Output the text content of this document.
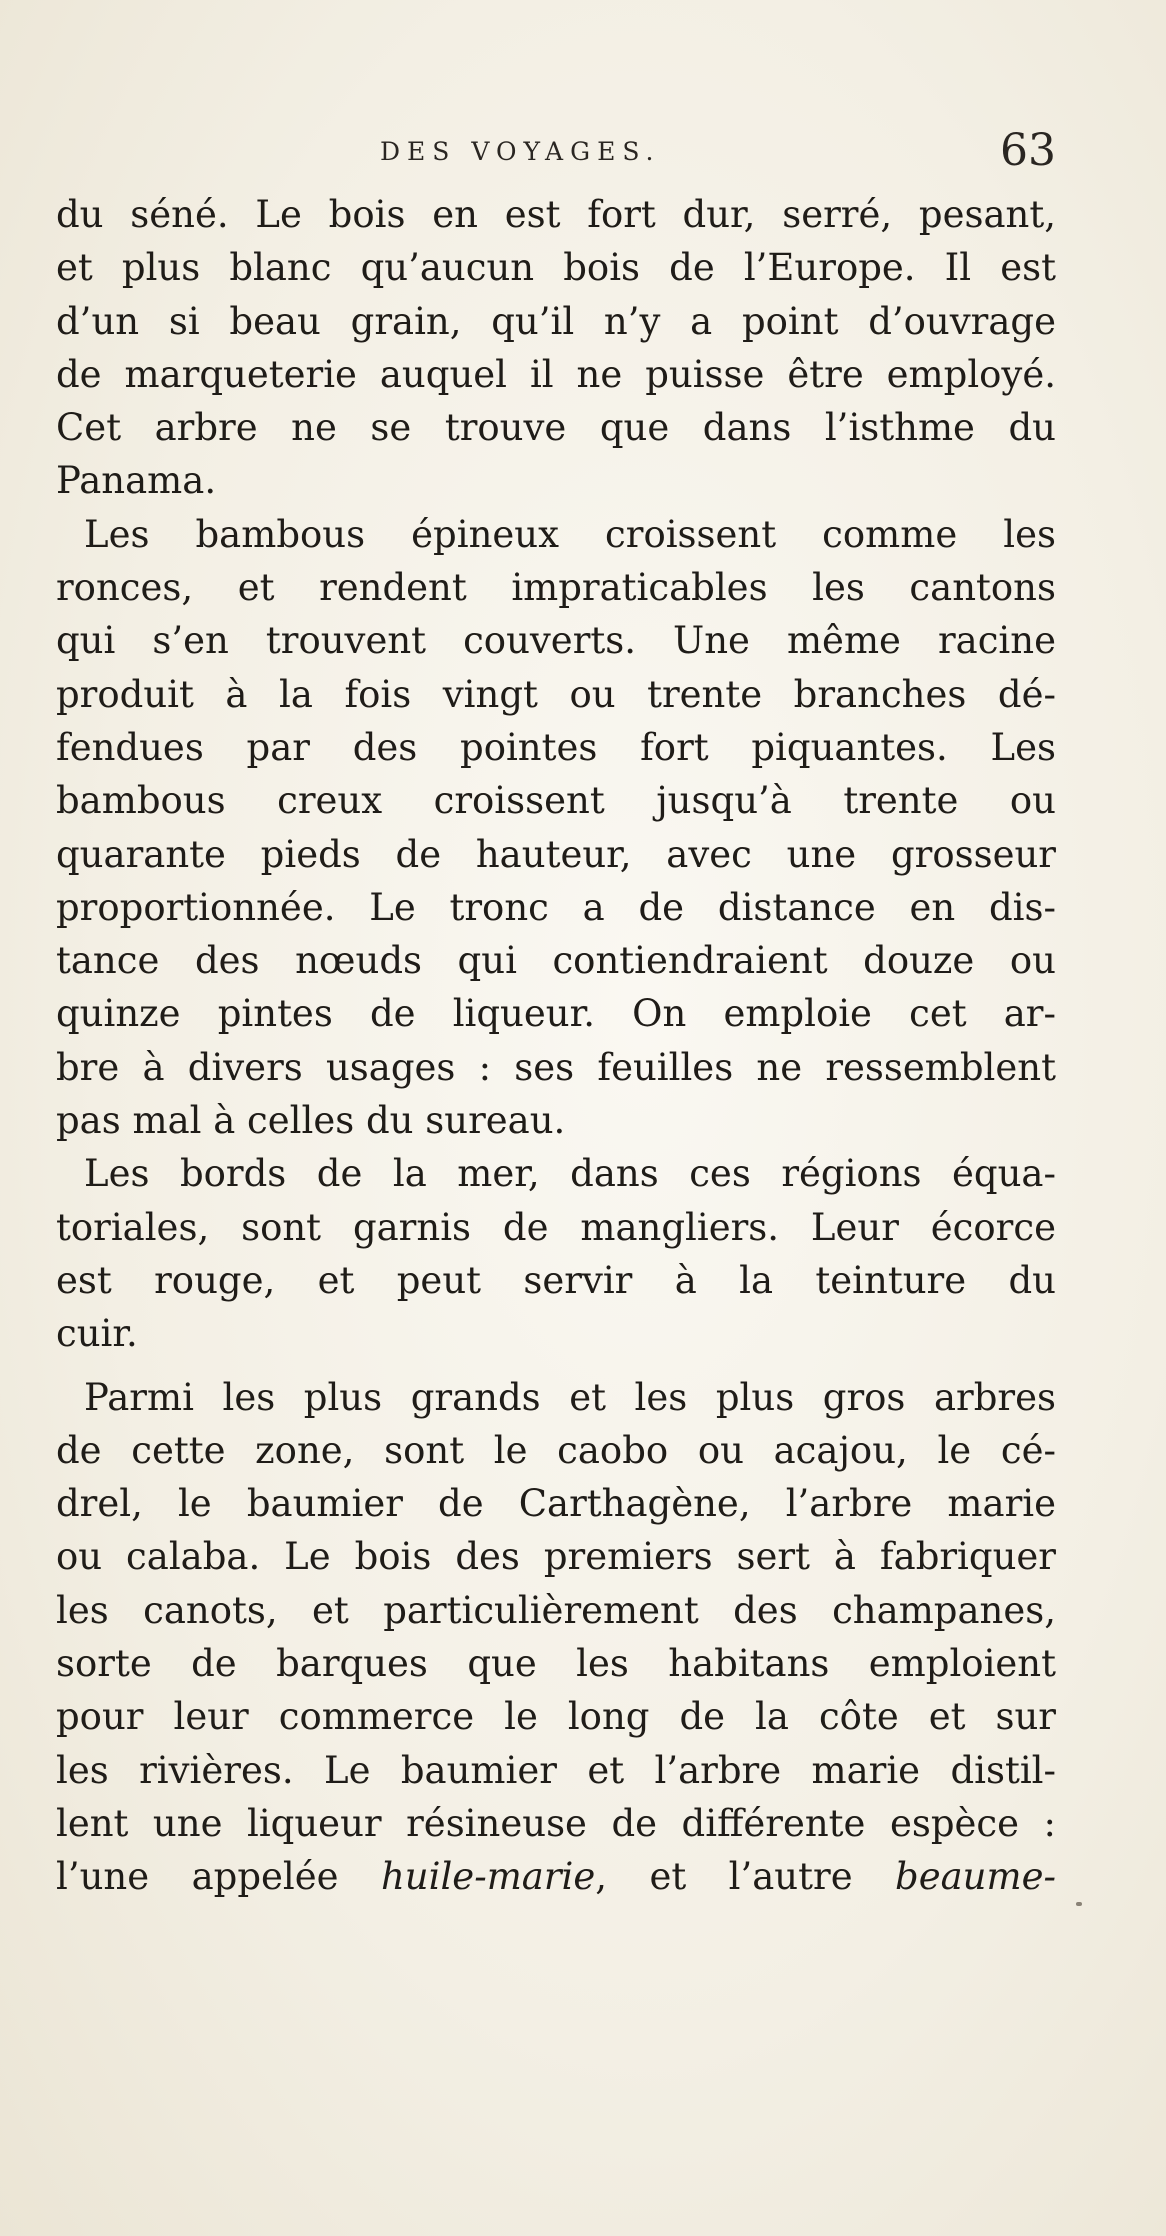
DES VOYAGES.	63

du séné. Le bois en est fort dur, serré, pesant,
et plus blanc qu’aucun bois de l’Europe. Il est
d’un si beau grain, qu’il n’y a point d’ouvrage
de marqueterie auquel il ne puisse être employé.
Cet arbre ne se trouve que dans l’isthme du
Panama.

Les bambous épineux croissent comme les
ronces, et rendent impraticables les cantons
qui s’en trouvent couverts. Une même racine
produit à la fois vingt ou trente branches dé-
fendues par des pointes fort piquantes. Les
bambous creux croissent jusqu’à trente ou
quarante pieds de hauteur, avec une grosseur
proportionnée. Le tronc a de distance en dis-
tance des nœuds qui contiendraient douze ou
quinze pintes de liqueur. On emploie cet ar-
bre à divers usages : ses feuilles ne ressemblent
pas mal à celles du sureau.

Les bords de la mer, dans ces régions équa-
toriales, sont garnis de mangliers. Leur écorce
est rouge, et peut servir à la teinture du
cuir.

Parmi les plus grands et les plus gros arbres
de cette zone, sont le caobo ou acajou, le cé-
drel, le baumier de Carthagène, l’arbre marie
ou calaba. Le bois des premiers sert à fabriquer
les canots, et particulièrement des champanes,
sorte de barques que les habitans emploient
pour leur commerce le long de la côte et sur
les rivières. Le baumier et l’arbre marie distil-
lent une liqueur résineuse de différente espèce :
l’une appelée huile-marie, et l’autre beaume-
